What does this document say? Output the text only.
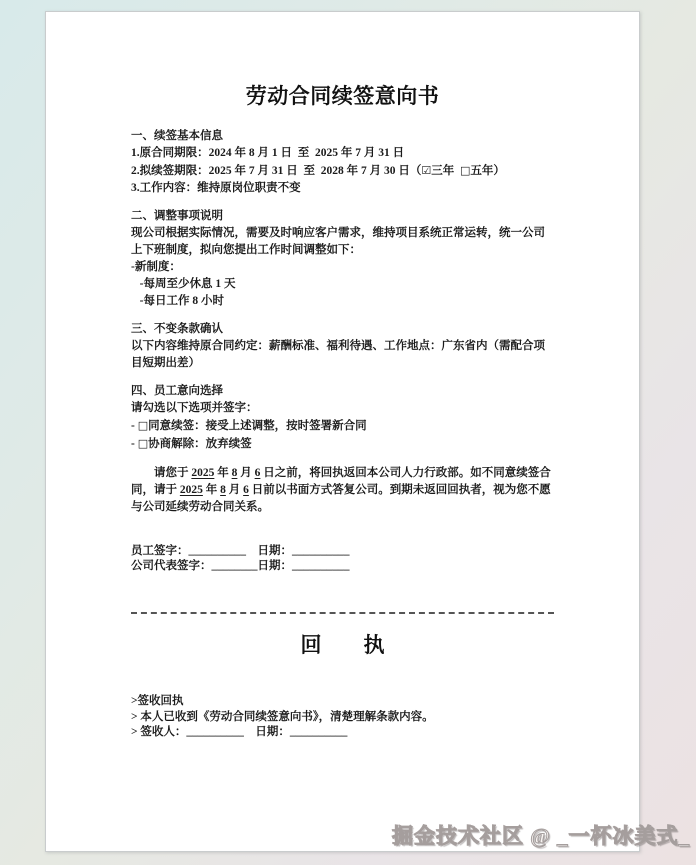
劳动合同续签意向书
一、续签基本信息
1.原合同期限：2024 年 8 月 1 日  至  2025 年 7 月 31 日
2.拟续签期限：2025 年 7 月 31 日  至  2028 年 7 月 30 日（☑三年  □五年）
3.工作内容：维持原岗位职责不变
二、调整事项说明
现公司根据实际情况，需要及时响应客户需求，维持项目系统正常运转，统一公司上下班制度，拟向您提出工作时间调整如下：
-新制度：
-每周至少休息 1 天
-每日工作 8 小时
三、不变条款确认
以下内容维持原合同约定：薪酬标准、福利待遇、工作地点：广东省内（需配合项目短期出差）
四、员工意向选择
请勾选以下选项并签字：
- □同意续签：接受上述调整，按时签署新合同
- □协商解除：放弃续签
请您于 2025 年 8 月 6 日之前，将回执返回本公司人力行政部。如不同意续签合同，请于 2025 年 8 月 6 日前以书面方式答复公司。到期未返回回执者，视为您不愿与公司延续劳动合同关系。
员工签字：__________    日期：__________
公司代表签字：________日期：__________
回　　执
>签收回执
> 本人已收到《劳动合同续签意向书》，清楚理解条款内容。
> 签收人：__________    日期：__________
掘金技术社区 @ _一杯冰美式_
